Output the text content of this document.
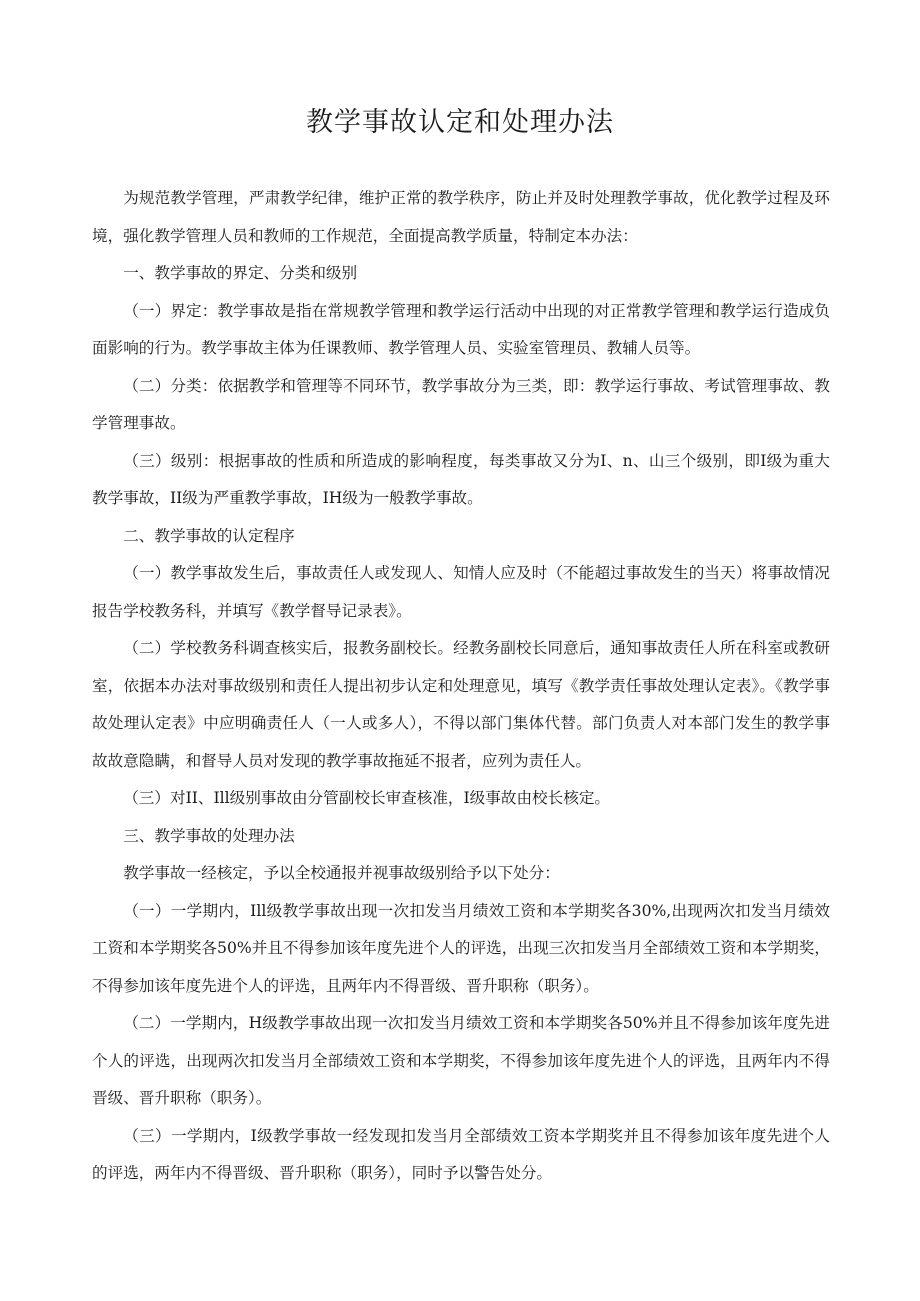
教学事故认定和处理办法

为规范教学管理，严肃教学纪律，维护正常的教学秩序，防止并及时处理教学事故，优化教学过程及环境，强化教学管理人员和教师的工作规范，全面提高教学质量，特制定本办法：

一、教学事故的界定、分类和级别

（一）界定：教学事故是指在常规教学管理和教学运行活动中出现的对正常教学管理和教学运行造成负面影响的行为。教学事故主体为任课教师、教学管理人员、实验室管理员、教辅人员等。

（二）分类：依据教学和管理等不同环节，教学事故分为三类，即：教学运行事故、考试管理事故、教学管理事故。

（三）级别：根据事故的性质和所造成的影响程度，每类事故又分为I、n、山三个级别，即I级为重大教学事故，II级为严重教学事故，IH级为一般教学事故。

二、教学事故的认定程序

（一）教学事故发生后，事故责任人或发现人、知情人应及时（不能超过事故发生的当天）将事故情况报告学校教务科，并填写《教学督导记录表》。

（二）学校教务科调查核实后，报教务副校长。经教务副校长同意后，通知事故责任人所在科室或教研室，依据本办法对事故级别和责任人提出初步认定和处理意见，填写《教学责任事故处理认定表》。《教学事故处理认定表》中应明确责任人（一人或多人），不得以部门集体代替。部门负责人对本部门发生的教学事故故意隐瞒，和督导人员对发现的教学事故拖延不报者，应列为责任人。

（三）对II、Ill级别事故由分管副校长审查核准，I级事故由校长核定。

三、教学事故的处理办法

教学事故一经核定，予以全校通报并视事故级别给予以下处分：

（一）一学期内，Ill级教学事故出现一次扣发当月绩效工资和本学期奖各30%,出现两次扣发当月绩效工资和本学期奖各50%并且不得参加该年度先进个人的评选，出现三次扣发当月全部绩效工资和本学期奖，不得参加该年度先进个人的评选，且两年内不得晋级、晋升职称（职务）。

（二）一学期内，H级教学事故出现一次扣发当月绩效工资和本学期奖各50%并且不得参加该年度先进个人的评选，出现两次扣发当月全部绩效工资和本学期奖，不得参加该年度先进个人的评选，且两年内不得晋级、晋升职称（职务）。

（三）一学期内，I级教学事故一经发现扣发当月全部绩效工资本学期奖并且不得参加该年度先进个人的评选，两年内不得晋级、晋升职称（职务），同时予以警告处分。
